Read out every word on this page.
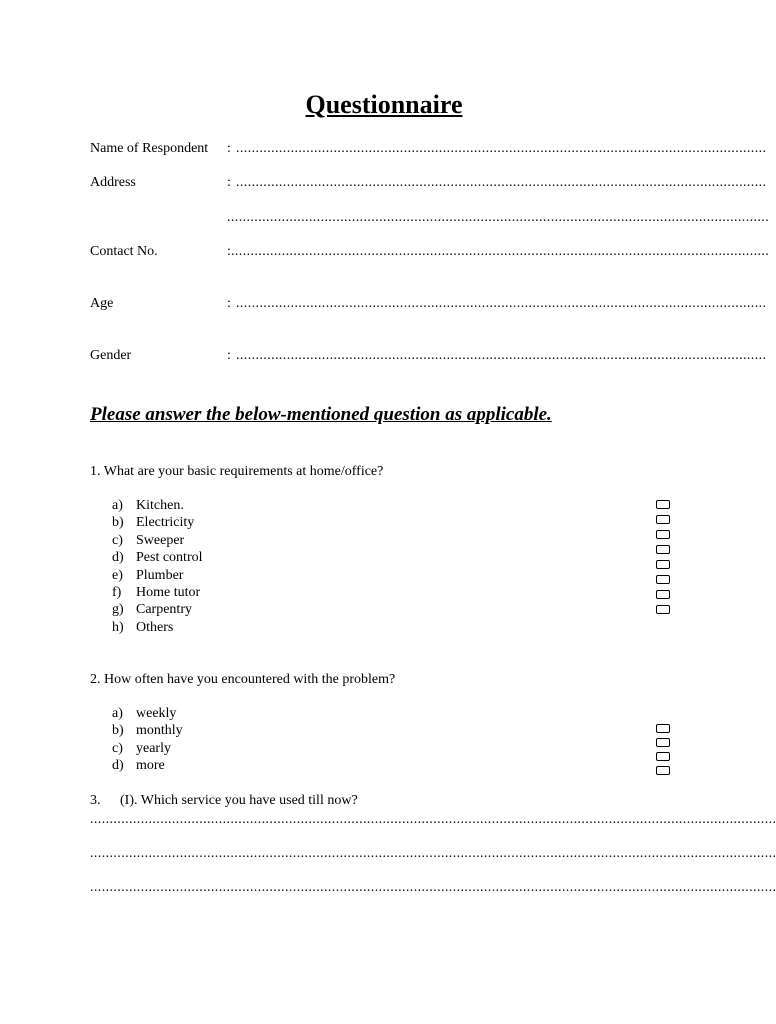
Questionnaire
Name of Respondent : ........................................................................................................................................
Address	: ........................................................................................................................................
...........................................................................................................................................
Contact No.	: ..........................................................................................................................................
Age	: ........................................................................................................................................
Gender	: ........................................................................................................................................
Please answer the below-mentioned question as applicable.
1. What are your basic requirements at home/office?
a) Kitchen.
b) Electricity
c) Sweeper
d) Pest control
e) Plumber
f) Home tutor
g) Carpentry
h) Others
2. How often have you encountered with the problem?
a) weekly
b) monthly
c) yearly
d) more
3. (I). Which service you have used till now?
................................................................................................................................................................................
................................................................................................................................................................................
................................................................................................................................................................................
